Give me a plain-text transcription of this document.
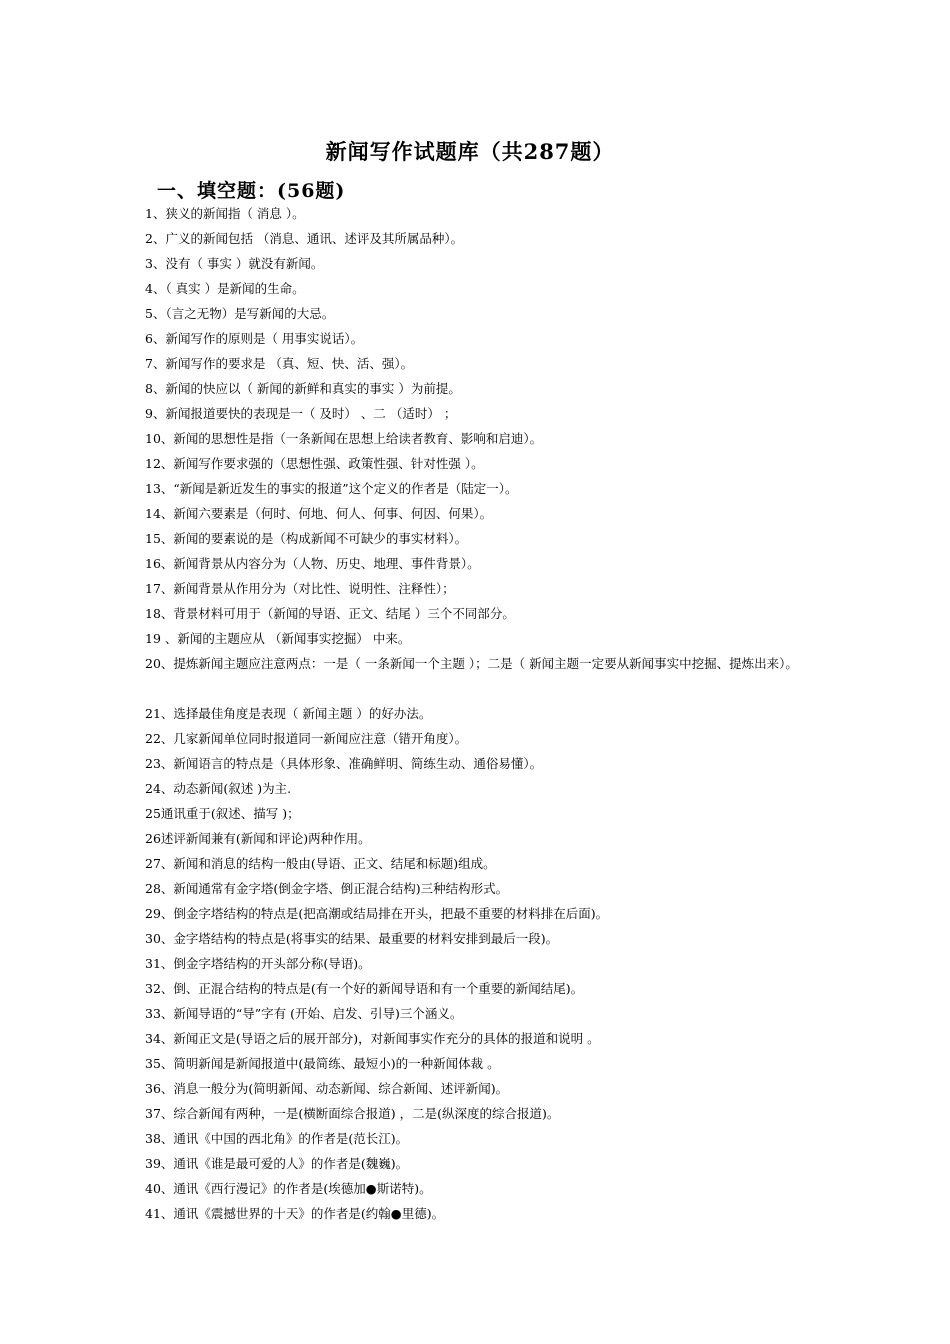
新闻写作试题库（共287题）
一、填空题：(56题)
1、狭义的新闻指（ 消息 ）。
2、广义的新闻包括 （消息、通讯、述评及其所属品种）。
3、没有（ 事实 ）就没有新闻。
4、（ 真实 ）是新闻的生命。
5、（言之无物）是写新闻的大忌。
6、新闻写作的原则是（ 用事实说话）。
7、新闻写作的要求是 （真、短、快、活、强）。
8、新闻的快应以（ 新闻的新鲜和真实的事实 ）为前提。
9、新闻报道要快的表现是一（ 及时） 、二 （适时） ；
10、新闻的思想性是指（一条新闻在思想上给读者教育、影响和启迪）。
12、新闻写作要求强的（思想性强、政策性强、针对性强 ）。
13、“新闻是新近发生的事实的报道”这个定义的作者是（陆定一）。
14、新闻六要素是（何时、何地、何人、何事、何因、何果）。
15、新闻的要素说的是（构成新闻不可缺少的事实材料）。
16、新闻背景从内容分为（人物、历史、地理、事件背景）。
17、新闻背景从作用分为（对比性、说明性、注释性）；
18、背景材料可用于（新闻的导语、正文、结尾 ）三个不同部分。
19 、新闻的主题应从 （新闻事实挖掘） 中来。
20、提炼新闻主题应注意两点：一是（ 一条新闻一个主题 ）；二是（ 新闻主题一定要从新闻事实中挖掘、提炼出来）。
21、选择最佳角度是表现（ 新闻主题 ）的好办法。
22、几家新闻单位同时报道同一新闻应注意（错开角度）。
23、新闻语言的特点是（具体形象、准确鲜明、简练生动、通俗易懂）。
24、动态新闻(叙述 )为主.
25通讯重于(叙述、描写 )；
26述评新闻兼有(新闻和评论)两种作用。
27、新闻和消息的结构一般由(导语、正文、结尾和标题)组成。
28、新闻通常有金字塔(倒金字塔、倒正混合结构)三种结构形式。
29、倒金字塔结构的特点是(把高潮或结局排在开头，把最不重要的材料排在后面)。
30、金字塔结构的特点是(将事实的结果、最重要的材料安排到最后一段)。
31、倒金字塔结构的开头部分称(导语)。
32、倒、正混合结构的特点是(有一个好的新闻导语和有一个重要的新闻结尾)。
33、新闻导语的“导”字有 (开始、启发、引导)三个涵义。
34、新闻正文是(导语之后的展开部分)，对新闻事实作充分的具体的报道和说明 。
35、简明新闻是新闻报道中(最简练、最短小)的一种新闻体裁 。
36、消息一般分为(简明新闻、动态新闻、综合新闻、述评新闻)。
37、综合新闻有两种，一是(横断面综合报道) ，二是(纵深度的综合报道)。
38、通讯《中国的西北角》的作者是(范长江)。
39、通讯《谁是最可爱的人》的作者是(魏巍)。
40、通讯《西行漫记》的作者是(埃德加●斯诺特)。
41、通讯《震撼世界的十天》的作者是(约翰●里德)。
